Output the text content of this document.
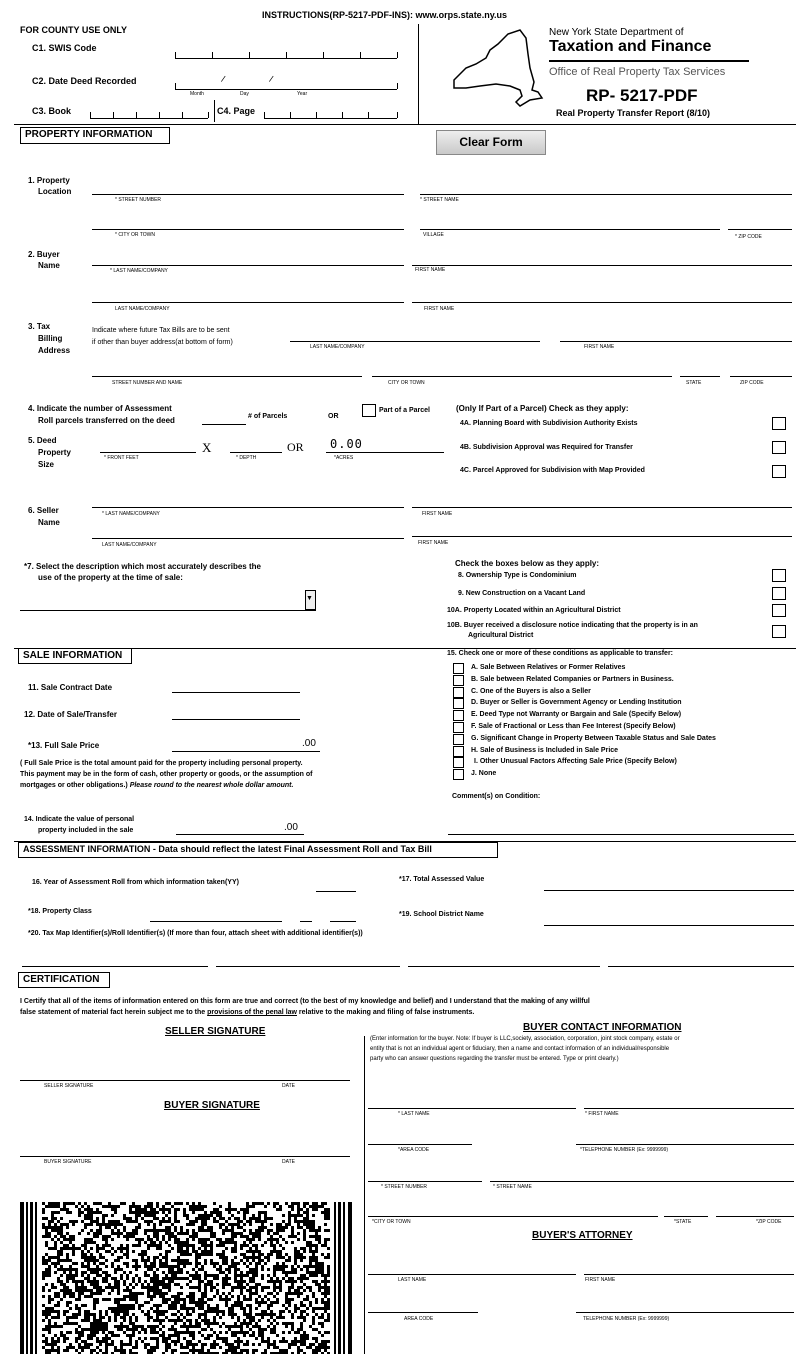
INSTRUCTIONS(RP-5217-PDF-INS): www.orps.state.ny.us
FOR COUNTY USE ONLY
C1. SWIS Code
C2. Date Deed Recorded	/	/
Month	Day	Year
C3. Book	C4. Page
New York State Department of
Taxation and Finance
Office of Real Property Tax Services
RP- 5217-PDF
Real Property Transfer Report (8/10)
PROPERTY INFORMATION
Clear Form
1. Property
Location
* STREET NUMBER	* STREET NAME
* CITY OR TOWN	VILLAGE	* ZIP CODE
2. Buyer
Name
* LAST NAME/COMPANY	FIRST NAME
LAST NAME/COMPANY	FIRST NAME
3. Tax
Billing
Address
Indicate where future Tax Bills are to be sent
if other than buyer address(at bottom of form)
LAST NAME/COMPANY	FIRST NAME
STREET NUMBER AND NAME	CITY OR TOWN	STATE	ZIP CODE
4. Indicate the number of Assessment
Roll parcels transferred on the deed	# of Parcels	OR
Part of a Parcel	(Only If Part of a Parcel) Check as they apply:
4A. Planning Board with Subdivision Authority Exists
4B. Subdivision Approval was Required for Transfer
4C. Parcel Approved for Subdivision with Map Provided
5. Deed
Property
Size
X	OR 0.00
* FRONT FEET	* DEPTH	*ACRES
6. Seller
Name
* LAST NAME/COMPANY	FIRST NAME
LAST NAME/COMPANY	FIRST NAME
*7. Select the description which most accurately describes the
use of the property at the time of sale:
▼
Check the boxes below as they apply:
8. Ownership Type is Condominium
9. New Construction on a Vacant Land
10A. Property Located within an Agricultural District
10B. Buyer received a disclosure notice indicating that the property is in an
Agricultural District
SALE INFORMATION
11. Sale Contract Date
12. Date of Sale/Transfer
*13. Full Sale Price	.00
( Full Sale Price is the total amount paid for the property including personal property.
This payment may be in the form of cash, other property or goods, or the assumption of
mortgages or other obligations.) Please round to the nearest whole dollar amount.
14. Indicate the value of personal
property included in the sale	.00
15. Check one or more of these conditions as applicable to transfer:
A. Sale Between Relatives or Former Relatives
B. Sale between Related Companies or Partners in Business.
C. One of the Buyers is also a Seller
D. Buyer or Seller is Government Agency or Lending Institution
E. Deed Type not Warranty or Bargain and Sale (Specify Below)
F. Sale of Fractional or Less than Fee Interest (Specify Below)
G. Significant Change in Property Between Taxable Status and Sale Dates
H. Sale of Business is Included in Sale Price
I. Other Unusual Factors Affecting Sale Price (Specify Below)
J. None
Comment(s) on Condition:
ASSESSMENT INFORMATION - Data should reflect the latest Final Assessment Roll and Tax Bill
16. Year of Assessment Roll from which information taken(YY)	*17. Total Assessed Value
*18. Property Class	*19. School District Name
*20. Tax Map Identifier(s)/Roll Identifier(s) (If more than four, attach sheet with additional identifier(s))
CERTIFICATION
I Certify that all of the items of information entered on this form are true and correct (to the best of my knowledge and belief) and I understand that the making of any willful
false statement of material fact herein subject me to the provisions of the penal law relative to the making and filing of false instruments.
SELLER SIGNATURE
SELLER SIGNATURE	DATE
BUYER SIGNATURE
BUYER SIGNATURE	DATE
BUYER CONTACT INFORMATION
(Enter information for the buyer. Note: If buyer is LLC,society, association, corporation, joint stock company, estate or
entity that is not an individual agent or fiduciary, then a name and contact information of an individual/responsible
party who can answer questions regarding the transfer must be entered. Type or print clearly.)
* LAST NAME	* FIRST NAME
*AREA CODE	*TELEPHONE NUMBER (Ex: 9999999)
* STREET NUMBER	* STREET NAME
*CITY OR TOWN	*STATE	*ZIP CODE
BUYER'S ATTORNEY
LAST NAME	FIRST NAME
AREA CODE	TELEPHONE NUMBER (Ex: 9999999)
